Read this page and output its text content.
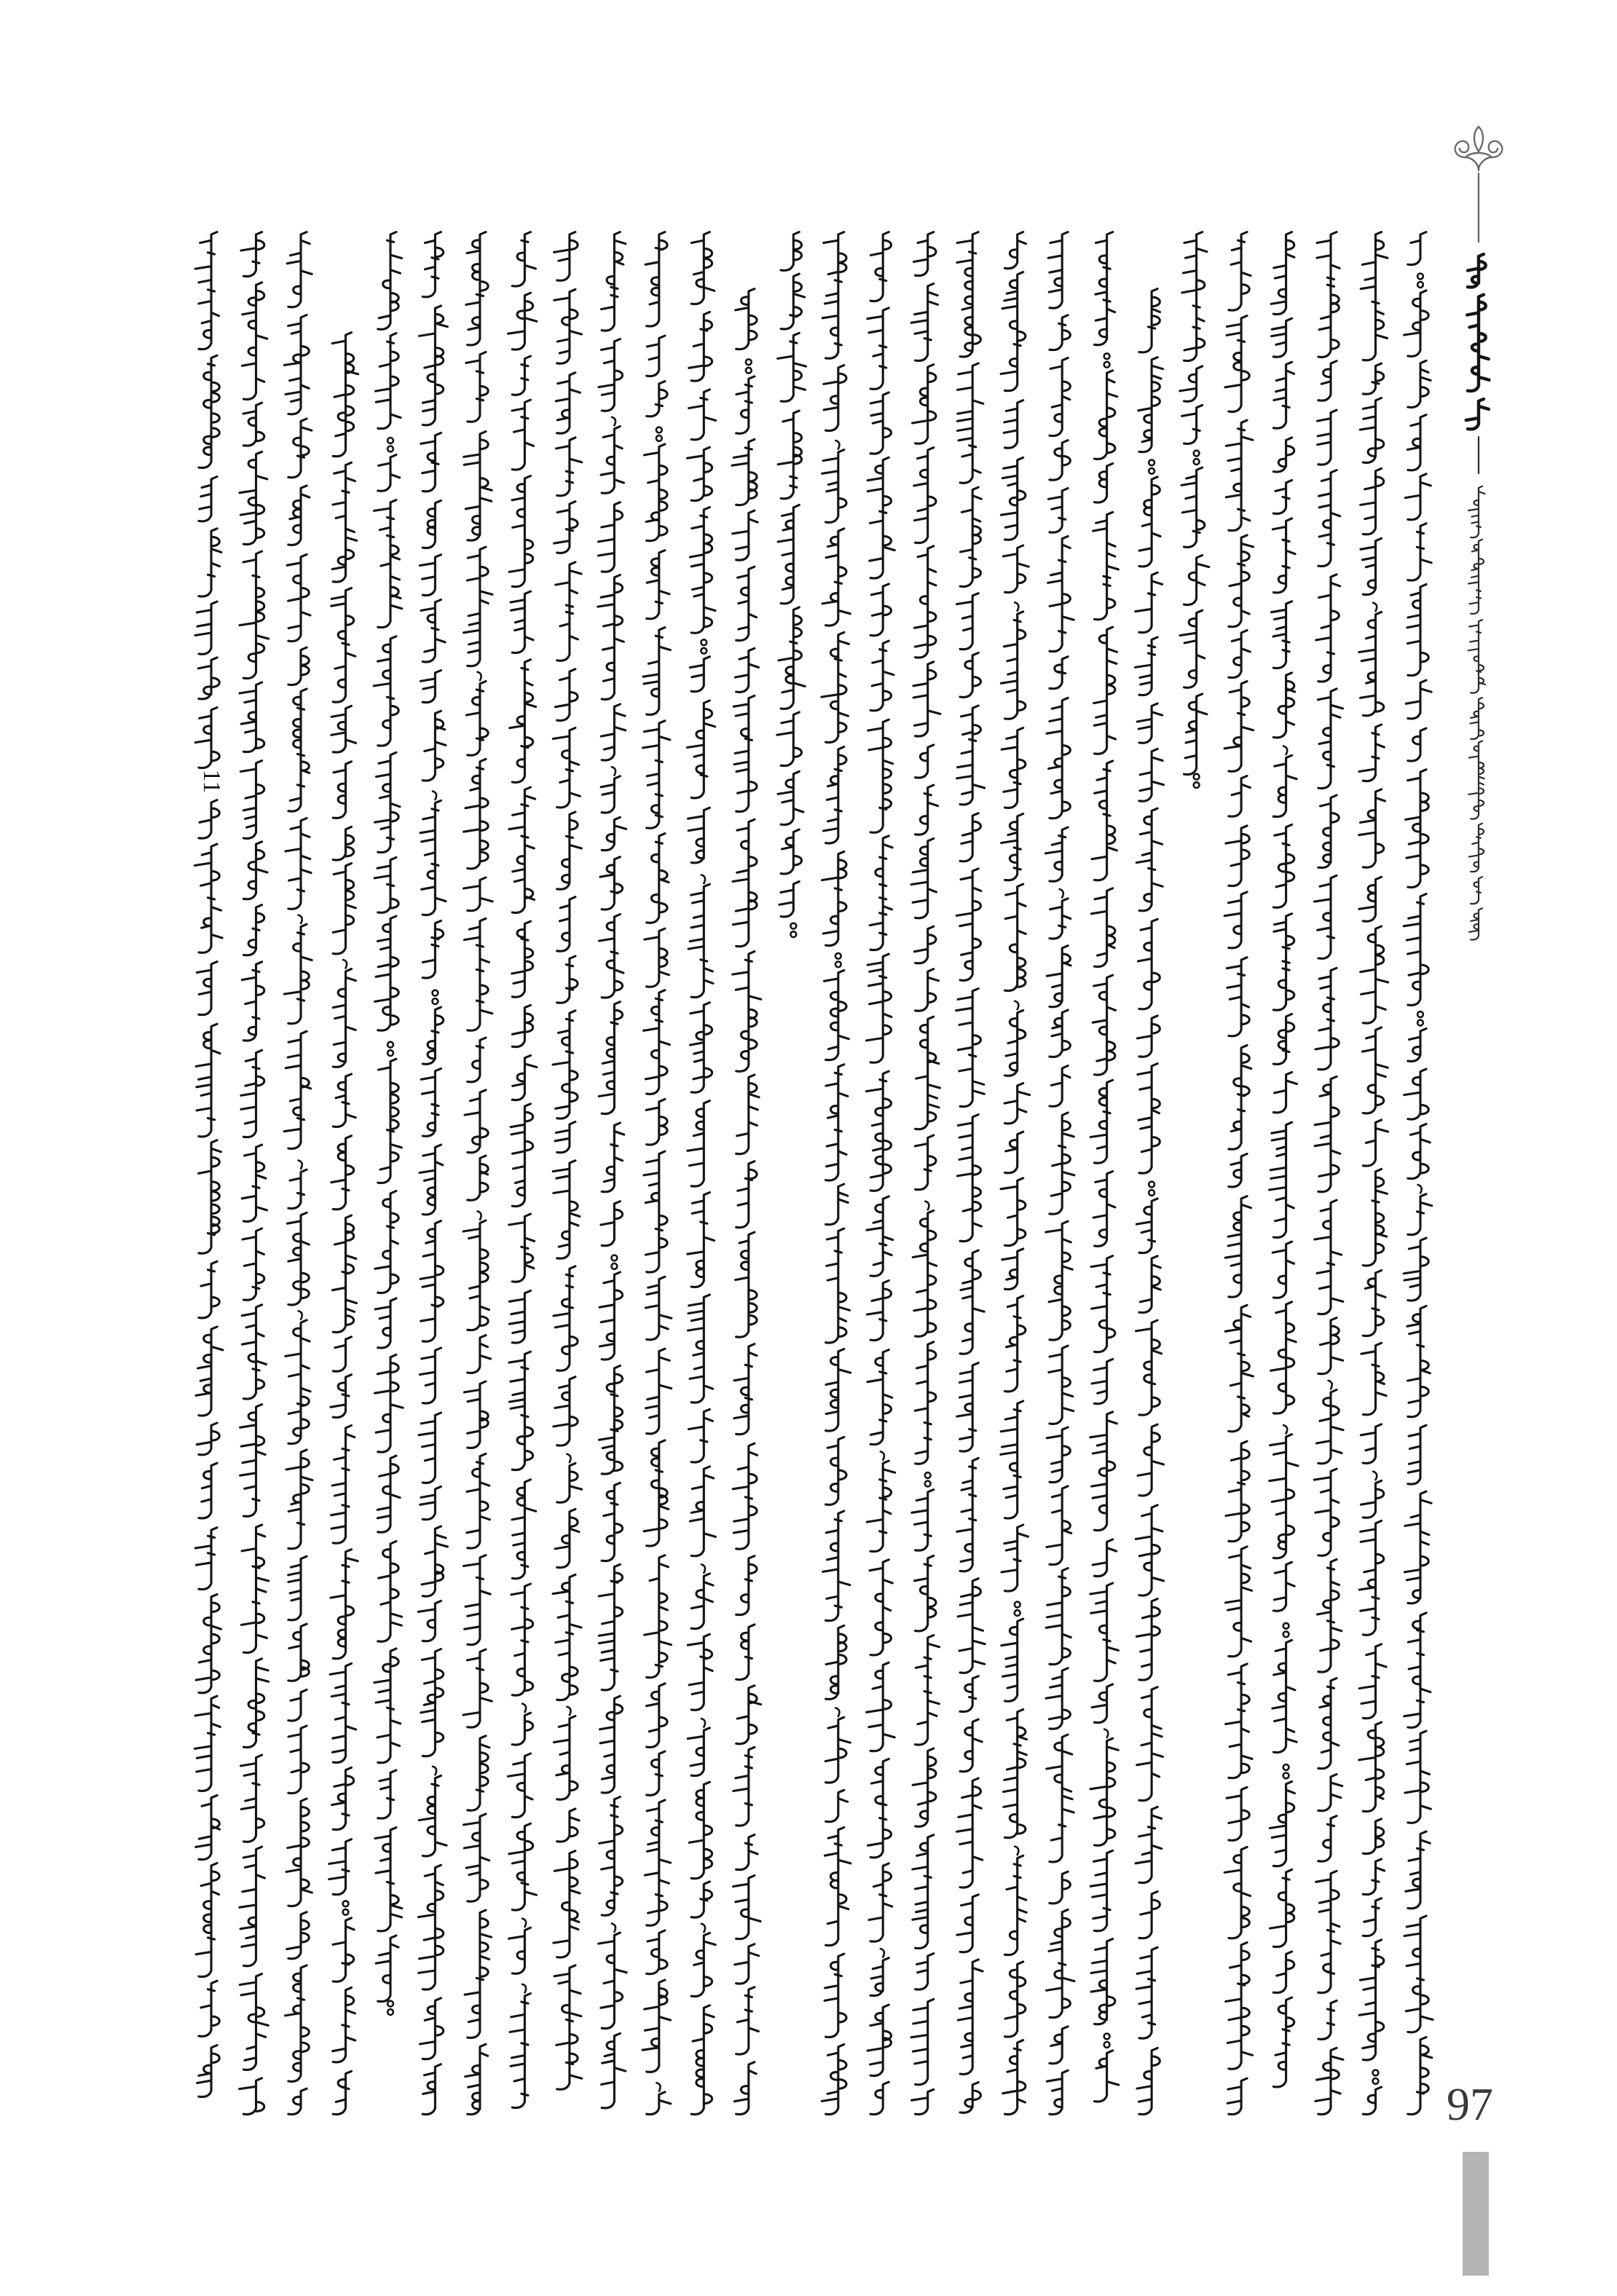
11
97
